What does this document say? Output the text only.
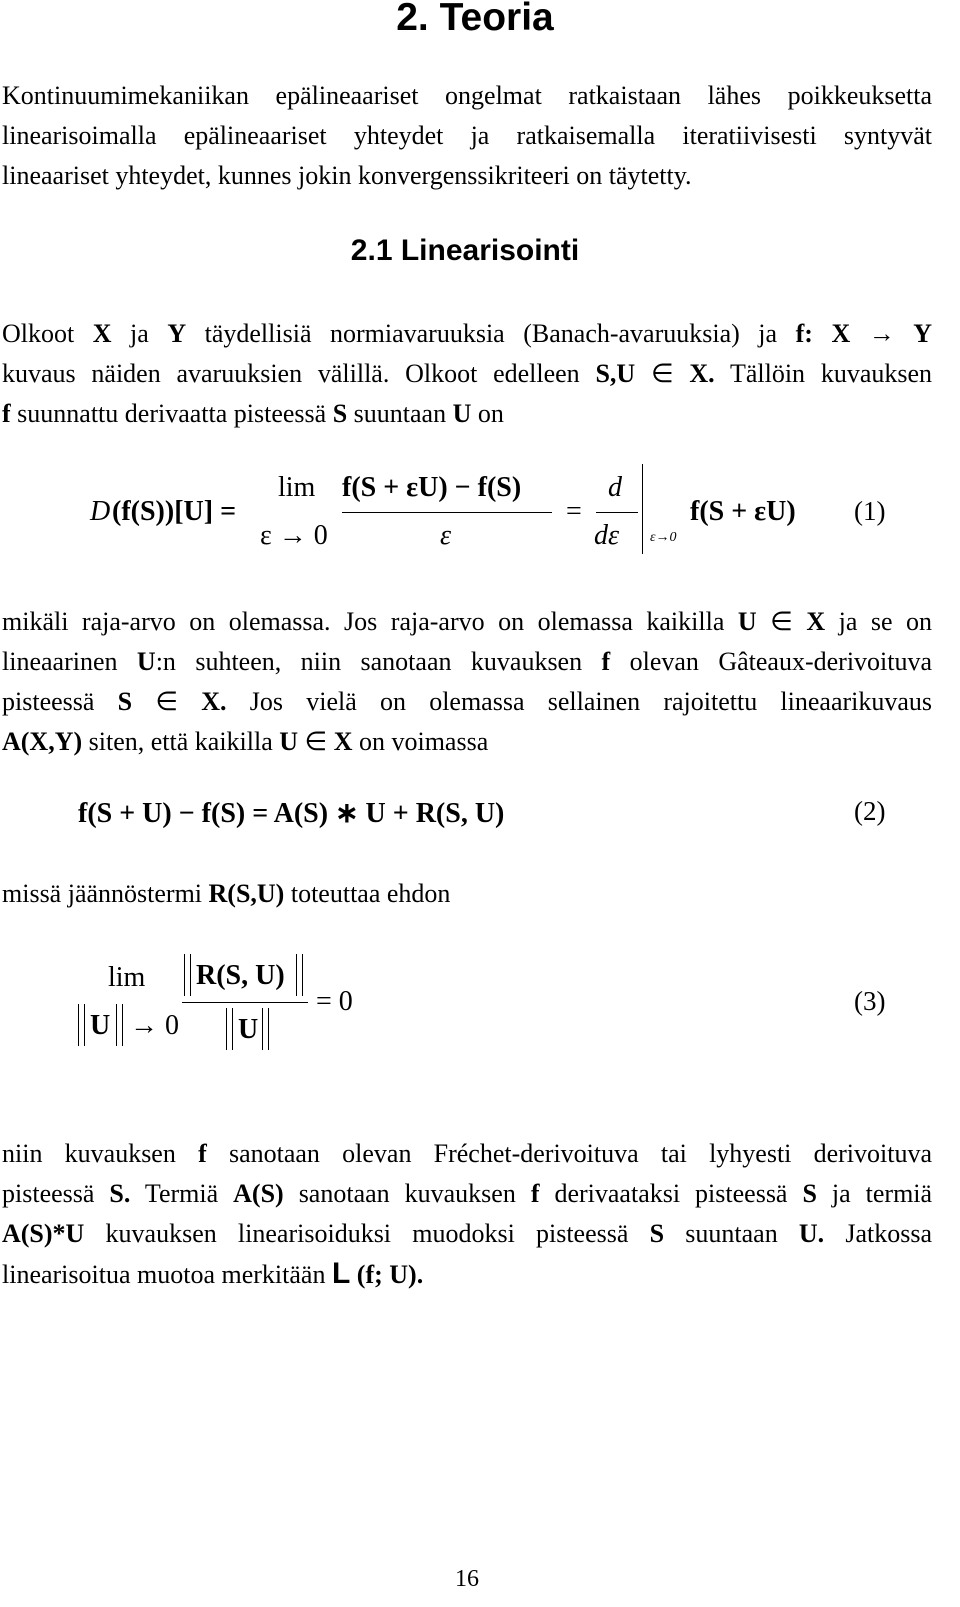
2. Teoria
Kontinuumimekaniikan epälineaariset ongelmat ratkaistaan lähes poikkeuksetta
linearisoimalla epälineaariset yhteydet ja ratkaisemalla iteratiivisesti syntyvät
lineaariset yhteydet, kunnes jokin konvergenssikriteeri on täytetty.
2.1 Linearisointi
Olkoot X ja Y täydellisiä normiavaruuksia (Banach-avaruuksia) ja f: X → Y
kuvaus näiden avaruuksien välillä. Olkoot edelleen S,U ∈ X. Tällöin kuvauksen
f suunnattu derivaatta pisteessä S suuntaan U on
D (f(S))[U] =
lim
ε → 0
f(S + εU) − f(S)
ε
=
d
dε ε→0
f(S + εU) (1)
mikäli raja-arvo on olemassa. Jos raja-arvo on olemassa kaikilla U ∈ X ja se on
lineaarinen U:n suhteen, niin sanotaan kuvauksen f olevan Gâteaux-derivoituva
pisteessä S ∈ X. Jos vielä on olemassa sellainen rajoitettu lineaarikuvaus
A(X,Y) siten, että kaikilla U ∈ X on voimassa
f(S + U) − f(S) = A(S) ∗ U + R(S, U)	(2)
missä jäännöstermi R(S,U) toteuttaa ehdon
lim
U → 0
R(S, U)
U
= 0	(3)
niin kuvauksen f sanotaan olevan Fréchet-derivoituva tai lyhyesti derivoituva
pisteessä S. Termiä A(S) sanotaan kuvauksen f derivaataksi pisteessä S ja termiä
A(S)*U kuvauksen linearisoiduksi muodoksi pisteessä S suuntaan U. Jatkossa
linearisoitua muotoa merkitään L (f; U).
16
